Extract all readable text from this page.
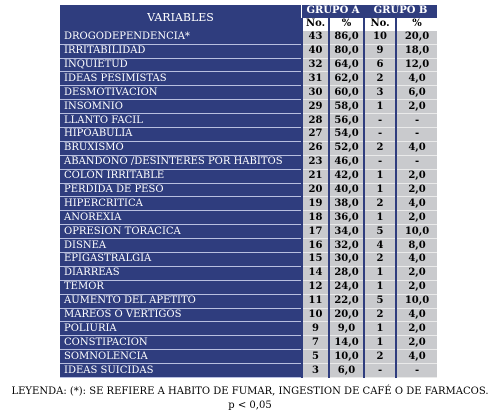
VARIABLES	GRUPO A		GRUPO B	
	No.	%	No.	%
DROGODEPENDENCIA*	43	86,0	10	20,0
IRRITABILIDAD	40	80,0	9	18,0
INQUIETUD	32	64,0	6	12,0
IDEAS PESIMISTAS	31	62,0	2	4,0
DESMOTIVACION	30	60,0	3	6,0
INSOMNIO	29	58,0	1	2,0
LLANTO FACIL	28	56,0	-	-
HIPOABULIA	27	54,0	-	-
BRUXISMO	26	52,0	2	4,0
ABANDONO /DESINTERÉS POR HÁBITOS	23	46,0	-	-
COLON IRRITABLE	21	42,0	1	2,0
PERDIDA DE PESO	20	40,0	1	2,0
HIPERCRITICA	19	38,0	2	4,0
ANOREXIA	18	36,0	1	2,0
OPRESION TORACICA	17	34,0	5	10,0
DISNEA	16	32,0	4	8,0
EPIGASTRALGIA	15	30,0	2	4,0
DIARREAS	14	28,0	1	2,0
TEMOR	12	24,0	1	2,0
AUMENTO DEL APETITO	11	22,0	5	10,0
MAREOS O VERTIGOS	10	20,0	2	4,0
POLIURIA	9	9,0	1	2,0
CONSTIPACION	7	14,0	1	2,0
SOMNOLENCIA	5	10,0	2	4,0
IDEAS SUICIDAS	3	6,0	-	-
LEYENDA: (*): SE REFIERE A HABITO DE FUMAR, INGESTION DE CAFÉ O DE FARMACOS.
p < 0,05
